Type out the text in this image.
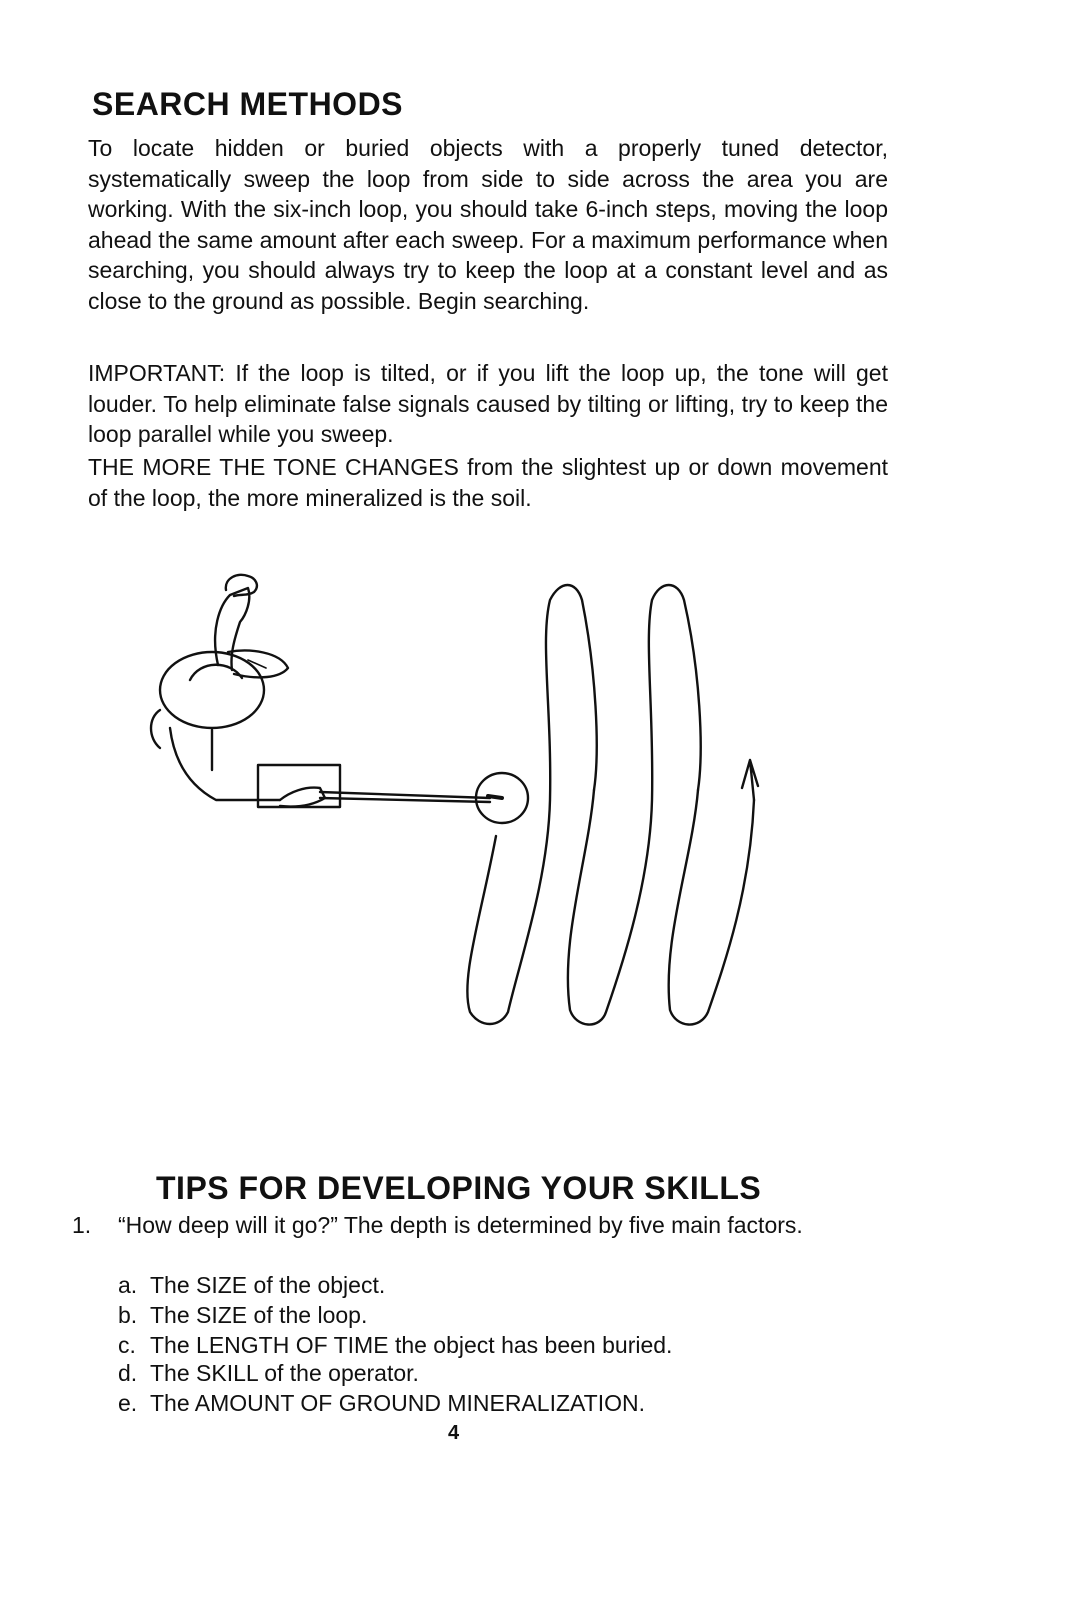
SEARCH METHODS

To locate hidden or buried objects with a properly tuned detector, systematically sweep the loop from side to side across the area you are working. With the six-inch loop, you should take 6-inch steps, moving the loop ahead the same amount after each sweep. For a maximum performance when searching, you should always try to keep the loop at a constant level and as close to the ground as possible. Begin searching.

IMPORTANT: If the loop is tilted, or if you lift the loop up, the tone will get louder. To help eliminate false signals caused by tilting or lifting, try to keep the loop parallel while you sweep.

THE MORE THE TONE CHANGES from the slightest up or down movement of the loop, the more mineralized is the soil.

TIPS FOR DEVELOPING YOUR SKILLS

1. “How deep will it go?” The depth is determined by five main factors.

a. The SIZE of the object.

b. The SIZE of the loop.

c. The LENGTH OF TIME the object has been buried.

d. The SKILL of the operator.

e. The AMOUNT OF GROUND MINERALIZATION.

4
